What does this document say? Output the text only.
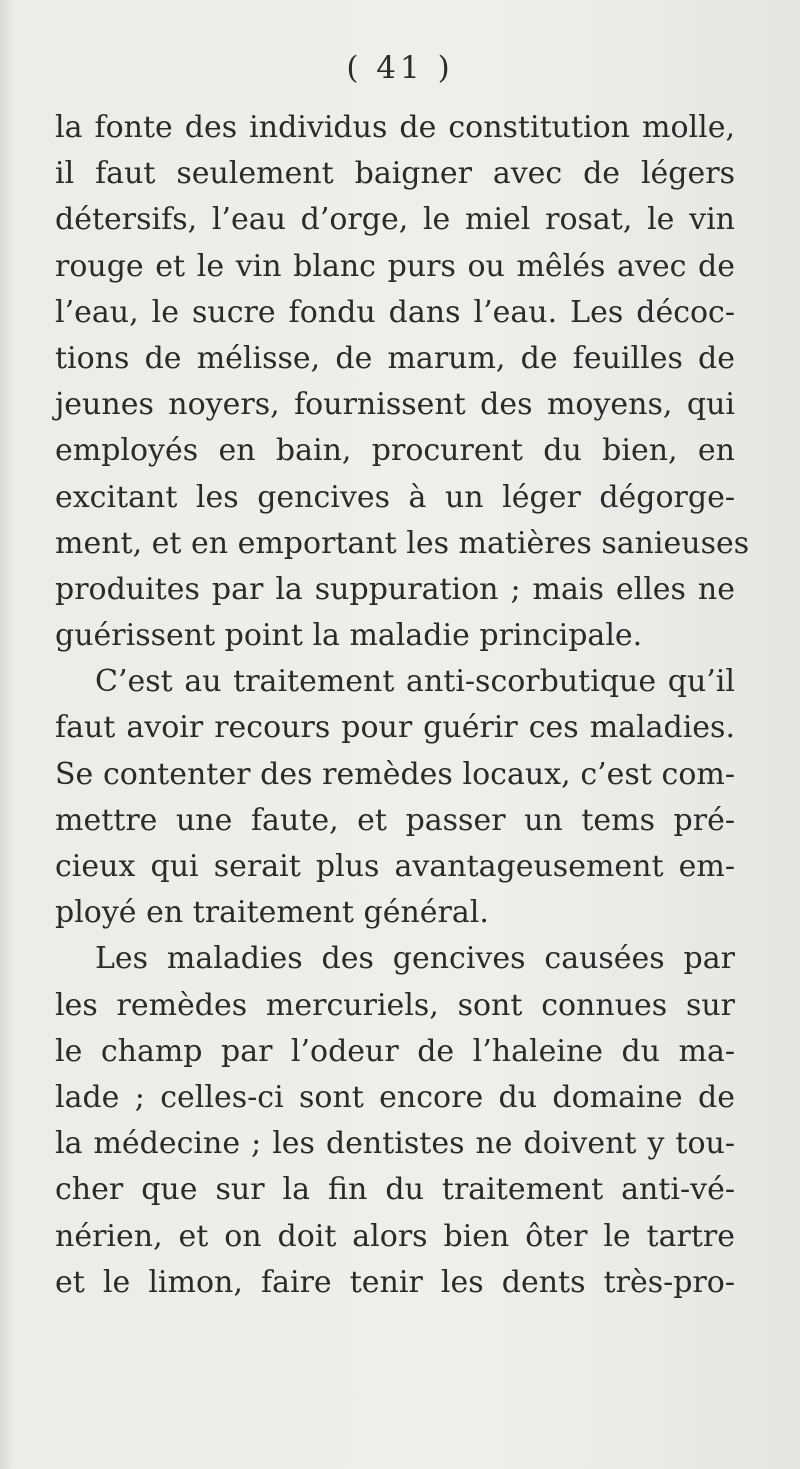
( 41 )
la fonte des individus de constitution molle,
il faut seulement baigner avec de légers
détersifs, l’eau d’orge, le miel rosat, le vin
rouge et le vin blanc purs ou mêlés avec de
l’eau, le sucre fondu dans l’eau. Les décoc-
tions de mélisse, de marum, de feuilles de
jeunes noyers, fournissent des moyens, qui
employés en bain, procurent du bien, en
excitant les gencives à un léger dégorge-
ment, et en emportant les matières sanieuses
produites par la suppuration ; mais elles ne
guérissent point la maladie principale.
C’est au traitement anti-scorbutique qu’il
faut avoir recours pour guérir ces maladies.
Se contenter des remèdes locaux, c’est com-
mettre une faute, et passer un tems pré-
cieux qui serait plus avantageusement em-
ployé en traitement général.
Les maladies des gencives causées par
les remèdes mercuriels, sont connues sur
le champ par l’odeur de l’haleine du ma-
lade ; celles-ci sont encore du domaine de
la médecine ; les dentistes ne doivent y tou-
cher que sur la fin du traitement anti-vé-
nérien, et on doit alors bien ôter le tartre
et le limon, faire tenir les dents très-pro-
